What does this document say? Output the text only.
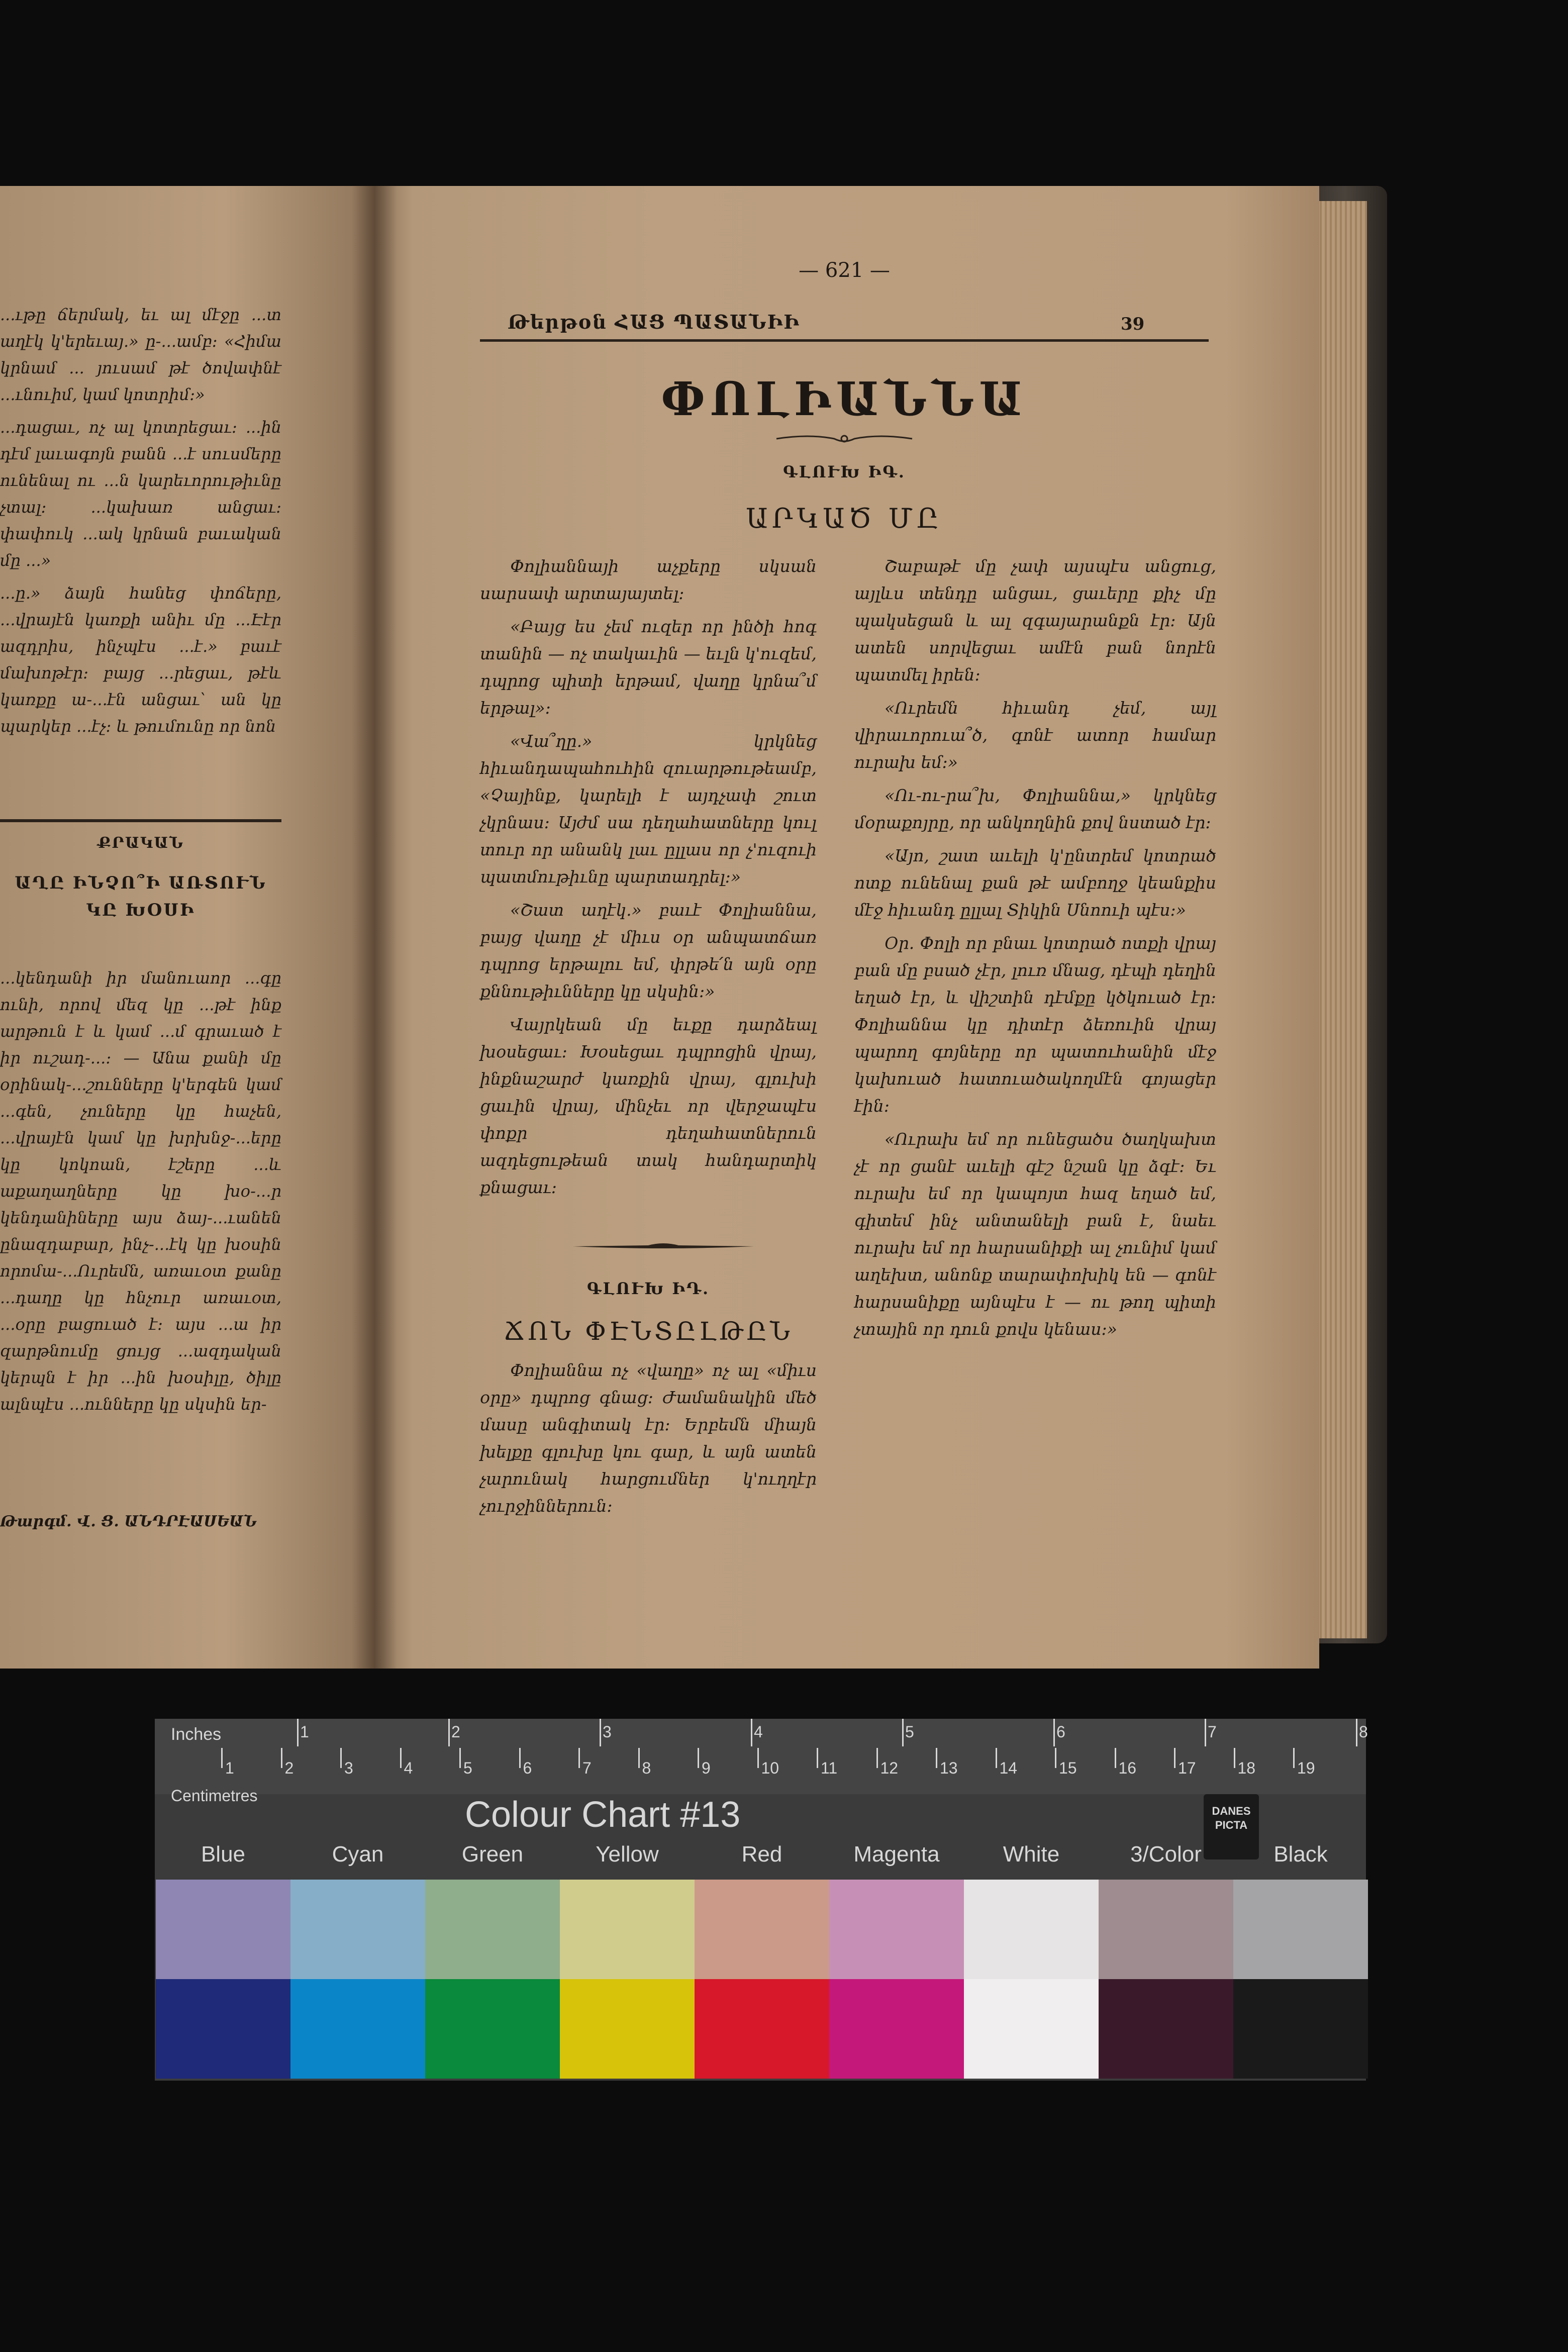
...ւթը ճերմակ, եւ ալ մէջը ...տ աղէկ կ'երեւայ.» ը-...ամբ։ «Հիմա կրնամ ... յուսամ թէ ծովափնէ ...ւնուիմ, կամ կոտրիմ։»

...դացաւ, ոչ ալ կոտրեցաւ։ ...ին դէմ լաւագոյն բանն ...է սուսմերը ունենալ ու ...ն կարեւորութիւնը չտալ։ ...կախառ անցաւ։ փափուկ ...ակ կրնան բաւական մը ...»

...ը.» ձայն հանեց փոճերը, ...վրայէն կառքի անիւ մը ...Էէր ազդրիս, ինչպէս ...է.» բաւէ մախոթէր։ բայց ...րեցաւ, թէև կառքը ա-...էն անցաւ՝ ան կը պարկեր ...էչ։ և թումունը որ նոն

ՔՐԱԿԱՆ
ԱՂԸ ԻՆՉՈ՞Ի ԱՌՏՈՒՆ
ԿԸ ԽՕՍԻ

...կենդանի իր մանուաոր ...գը ունի, որով մեզ կը ...թէ ինք արթուն է և կամ ...մ գրաւած է իր ուշադ-...։ — Անա քանի մը օրինակ-...շունները կ'երգեն կամ ...գեն, չուները կը հաչեն, ...վրայէն կամ կը խրխնջ-...երը կը կոկոան, էշերը ...և աքաղաղները կը խօ-...ր կենդանիները այս ձայ-...ւանեն ընազդաբար, ինչ-...էկ կը խօսին որոմա-...Ուրեմն, առաւօտ քանը ...դաղը կը հնչուր առաւօտ, ...օրը բացուած է։ այս ...ա իր զարթնումը ցույց ...ազդական կերպն է իր ...ին խօսիլը, ծիլը ալնպէս ...ունները կը սկսին եր-

Թարգմ. Վ. Ց. ԱՆԴՐԷԱՍԵԱՆ
— 621 —
Թերթօն ՀԱՑ ՊԱՏԱՆԻԻ	39
ՓՈԼԻԱՆՆԱ
ԳԼՈՒԽ ԻԳ.
ԱՐԿԱԾ ՄԸ

Փոլիաննայի աչքերը սկսան սարսափ արտայայտել։

«Բայց ես չեմ ուզեր որ ինծի հոգ տանին — ոչ տակաւին — եւլն կ'ուզեմ, դպրոց պիտի երթամ, վաղը կրնա՞մ երթալ»։

«Վա՞ղը.» կրկնեց հիւանդապահուհին զուարթութեամբ, «Չայինք, կարելի է այդչափ շուտ չկրնաս։ Այժմ սա դեղահատները կուլ տուր որ անանկ լաւ ըլլաս որ չ'ուզուի պատմութիւնը պարտադրել։»

«Շատ աղէկ.» բաւէ Փոլիաննա, բայց վաղը չէ միւս օր անպատճառ դպրոց երթալու եմ, փրթե՛ն այն օրը քննութիւնները կը սկսին։»

Վայրկեան մը եւքը դարձեալ խօսեցաւ։ Խօսեցաւ դպրոցին վրայ, ինքնաշարժ կառքին վրայ, գլուխի ցաւին վրայ, մինչեւ որ վերջապէս փոքր դեղահատներուն ազդեցութեան տակ հանդարտիկ քնացաւ։

ԳԼՈՒԽ ԻԴ.
ՃՈՆ ՓԷՆՏԸԼԹԸՆ

Փոլիաննա ոչ «վաղը» ոչ ալ «միւս օրը» դպրոց գնաց։ Ժամանակին մեծ մասը անգիտակ էր։ Երբեմն միայն խելքը գլուխը կու գար, և այն ատեն չարունակ հարցումներ կ'ուղղէր չուրջիններուն։

Շաբաթէ մը չափ այսպէս անցուց, այլևս տենդը անցաւ, ցաւերը քիչ մը պակսեցան և ալ զգայարանքն էր։ Այն ատեն սորվեցաւ ամէն բան նորէն պատմել իրեն։

«Ուրեմն հիւանդ չեմ, այլ վիրաւորուա՞ծ, գոնէ ատոր համար ուրախ եմ։»

«Ու-ու-րա՞խ, Փոլիաննա,» կրկնեց մօրաքոյրը, որ անկողնին քով նստած էր։

«Այո, շատ աւելի կ'ընտրեմ կոտրած ոտք ունենալ քան թէ ամբողջ կեանքիս մէջ հիւանդ ըլլալ Տիկին Սնոուի պէս։»

Օր. Փոլի որ բնաւ կոտրած ոտքի վրայ բան մը բսած չէր, լուռ մնաց, դէպի դեղին եղած էր, և վիշտին դէմքը կծկուած էր։ Փոլիաննա կը դիտէր ձեռուին վրայ պարող գոյները որ պատուհանին մէջ կախուած հատուածակողմէն գոյացեր էին։

«Ուրախ եմ որ ունեցածս ծաղկախտ չէ որ ցանէ աւելի գէշ նշան կը ձգէ։ Եւ ուրախ եմ որ կապոյտ հազ եղած եմ, գիտեմ ինչ անտանելի բան է, նաեւ ուրախ եմ որ հարսանիքի ալ չունիմ կամ աղեխտ, անոնք տարափոխիկ են — գոնէ հարսանիքը այնպէս է — ու թող պիտի չտային որ դուն քովս կենաս։»

Inches
Centimetres
1	2	3	4	5	6	7	8
1	2	3	4	5	6	7	8	9	10	11	12	13	14	15	16	17	18	19
Colour Chart #13	DANES PICTA
Blue	Cyan	Green	Yellow	Red	Magenta	White	3/Color	Black
